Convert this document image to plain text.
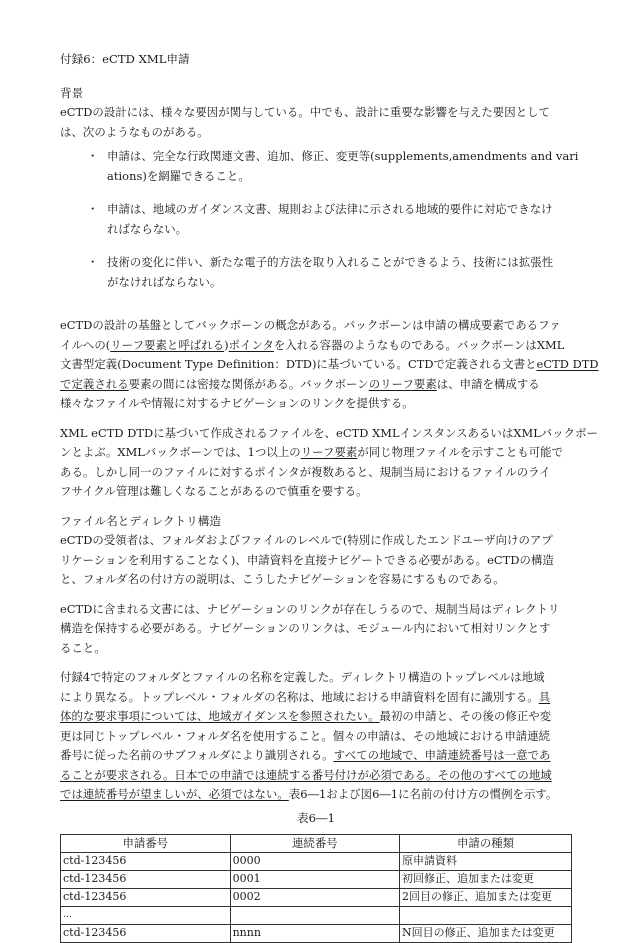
付録6：eCTD XML申請
背景
eCTDの設計には、様々な要因が関与している。中でも、設計に重要な影響を与えた要因として
は、次のようなものがある。
・ 申請は、完全な行政関連文書、追加、修正、変更等(supplements,amendments and vari
ations)を網羅できること。
・ 申請は、地域のガイダンス文書、規則および法律に示される地域的要件に対応できなけ
ればならない。
・ 技術の変化に伴い、新たな電子的方法を取り入れることができるよう、技術には拡張性
がなければならない。
eCTDの設計の基盤としてバックボーンの概念がある。バックボーンは申請の構成要素であるファ
イルへの(リーフ要素と呼ばれる)ポインタを入れる容器のようなものである。バックボーンはXML
文書型定義(Document Type Definition：DTD)に基づいている。CTDで定義される文書とeCTD DTD
で定義される要素の間には密接な関係がある。バックボーンのリーフ要素は、申請を構成する
様々なファイルや情報に対するナビゲーションのリンクを提供する。
XML eCTD DTDに基づいて作成されるファイルを、eCTD XMLインスタンスあるいはXMLバックボー
ンとよぶ。XMLバックボーンでは、1つ以上のリーフ要素が同じ物理ファイルを示すことも可能で
ある。しかし同一のファイルに対するポインタが複数あると、規制当局におけるファイルのライ
フサイクル管理は難しくなることがあるので慎重を要する。
ファイル名とディレクトリ構造
eCTDの受領者は、フォルダおよびファイルのレベルで(特別に作成したエンドユーザ向けのアプ
リケーションを利用することなく)、申請資料を直接ナビゲートできる必要がある。eCTDの構造
と、フォルダ名の付け方の説明は、こうしたナビゲーションを容易にするものである。
eCTDに含まれる文書には、ナビゲーションのリンクが存在しうるので、規制当局はディレクトリ
構造を保持する必要がある。ナビゲーションのリンクは、モジュール内において相対リンクとす
ること。
付録4で特定のフォルダとファイルの名称を定義した。ディレクトリ構造のトップレベルは地域
により異なる。トップレベル・フォルダの名称は、地域における申請資料を固有に識別する。具
体的な要求事項については、地域ガイダンスを参照されたい。最初の申請と、その後の修正や変
更は同じトップレベル・フォルダ名を使用すること。個々の申請は、その地域における申請連続
番号に従った名前のサブフォルダにより識別される。すべての地域で、申請連続番号は一意であ
ることが要求される。日本での申請では連続する番号付けが必須である。その他のすべての地域
では連続番号が望ましいが、必須ではない。表6―1および図6―1に名前の付け方の慣例を示す。
表6―1
申請番号	連続番号	申請の種類
ctd-123456	0000	原申請資料
ctd-123456	0001	初回修正、追加または変更
ctd-123456	0002	2回目の修正、追加または変更
…		
ctd-123456	nnnn	N回目の修正、追加または変更
